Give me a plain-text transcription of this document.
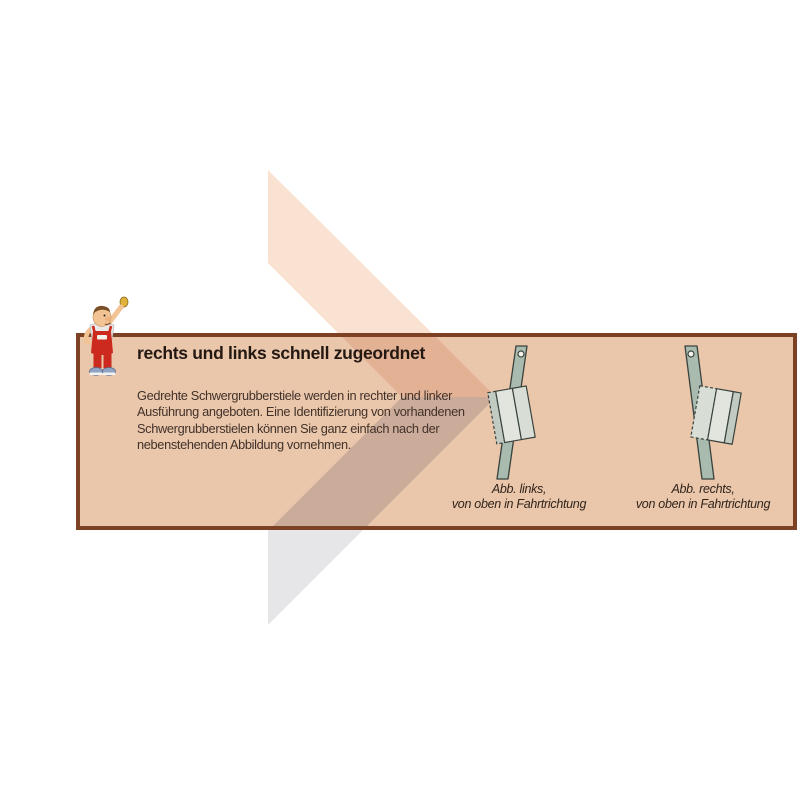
rechts und links schnell zugeordnet
Gedrehte Schwergrubberstiele werden in rechter und linker
Ausführung angeboten. Eine Identifizierung von vorhandenen
Schwergrubberstielen können Sie ganz einfach nach der
nebenstehenden Abbildung vornehmen.
Abb. links,
von oben in Fahrtrichtung
Abb. rechts,
von oben in Fahrtrichtung
